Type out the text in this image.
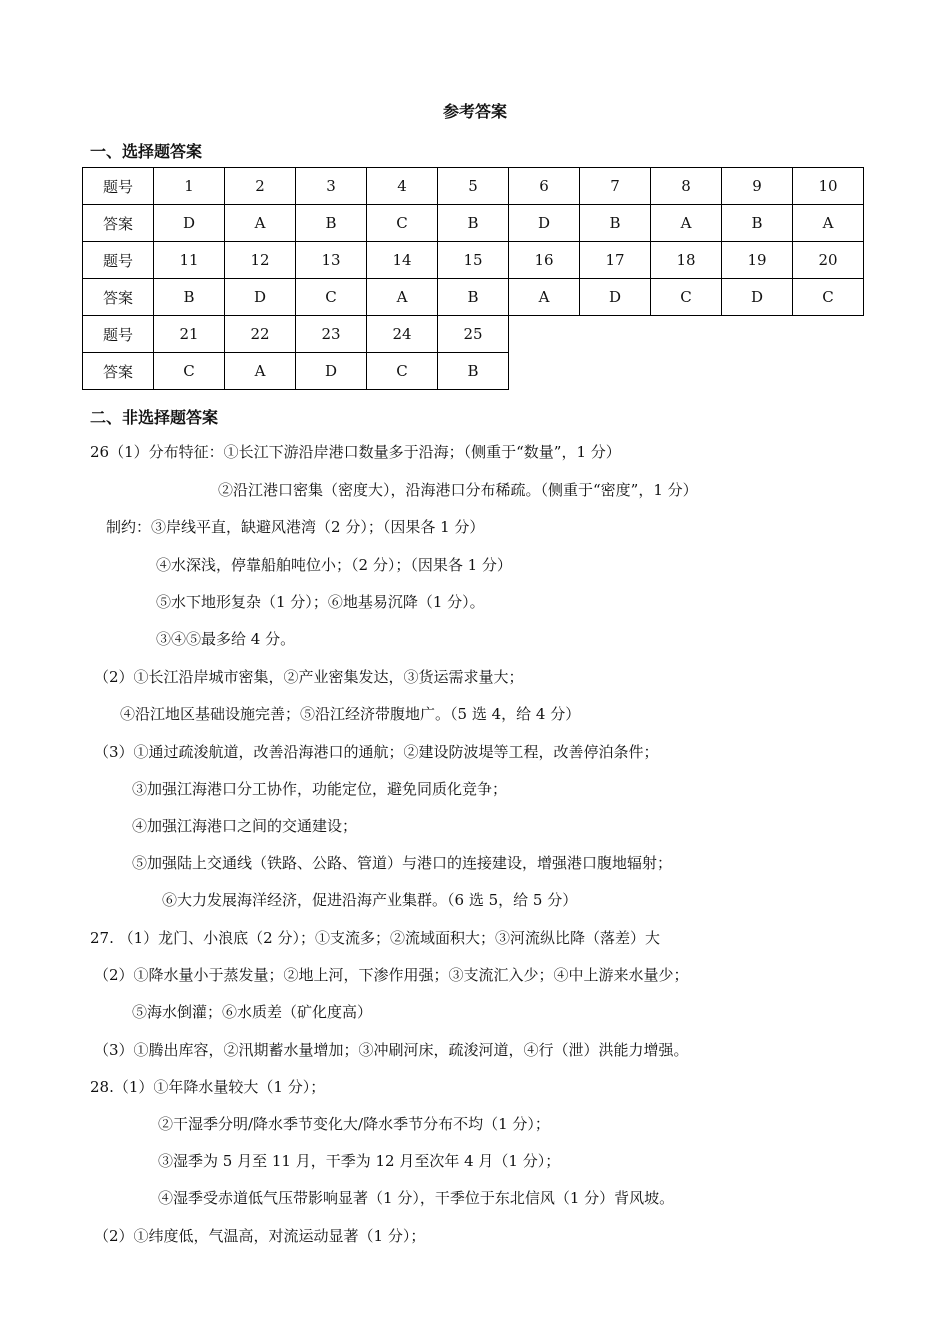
参考答案
一、选择题答案
题号	1	2	3	4	5	6	7	8	9	10
答案	D	A	B	C	B	D	B	A	B	A
题号	11	12	13	14	15	16	17	18	19	20
答案	B	D	C	A	B	A	D	C	D	C
题号	21	22	23	24	25					
答案	C	A	D	C	B					
二、非选择题答案
26（1）分布特征：①长江下游沿岸港口数量多于沿海；（侧重于“数量”，1 分）
②沿江港口密集（密度大），沿海港口分布稀疏。（侧重于“密度”，1 分）
制约：③岸线平直，缺避风港湾（2 分）；（因果各 1 分）
④水深浅，停靠船舶吨位小；（2 分）；（因果各 1 分）
⑤水下地形复杂（1 分）；⑥地基易沉降（1 分）。
③④⑤最多给 4 分。
（2）①长江沿岸城市密集，②产业密集发达，③货运需求量大；
④沿江地区基础设施完善；⑤沿江经济带腹地广。（5 选 4，给 4 分）
（3）①通过疏浚航道，改善沿海港口的通航；②建设防波堤等工程，改善停泊条件；
③加强江海港口分工协作，功能定位，避免同质化竞争；
④加强江海港口之间的交通建设；
⑤加强陆上交通线（铁路、公路、管道）与港口的连接建设，增强港口腹地辐射；
⑥大力发展海洋经济，促进沿海产业集群。（6 选 5，给 5 分）
27. （1）龙门、小浪底（2 分）；①支流多；②流域面积大；③河流纵比降（落差）大
（2）①降水量小于蒸发量；②地上河，下渗作用强；③支流汇入少；④中上游来水量少；
⑤海水倒灌；⑥水质差（矿化度高）
（3）①腾出库容，②汛期蓄水量增加；③冲刷河床，疏浚河道，④行（泄）洪能力增强。
28.（1）①年降水量较大（1 分）；
②干湿季分明/降水季节变化大/降水季节分布不均（1 分）；
③湿季为 5 月至 11 月，干季为 12 月至次年 4 月（1 分）；
④湿季受赤道低气压带影响显著（1 分），干季位于东北信风（1 分）背风坡。
（2）①纬度低，气温高，对流运动显著（1 分）；
